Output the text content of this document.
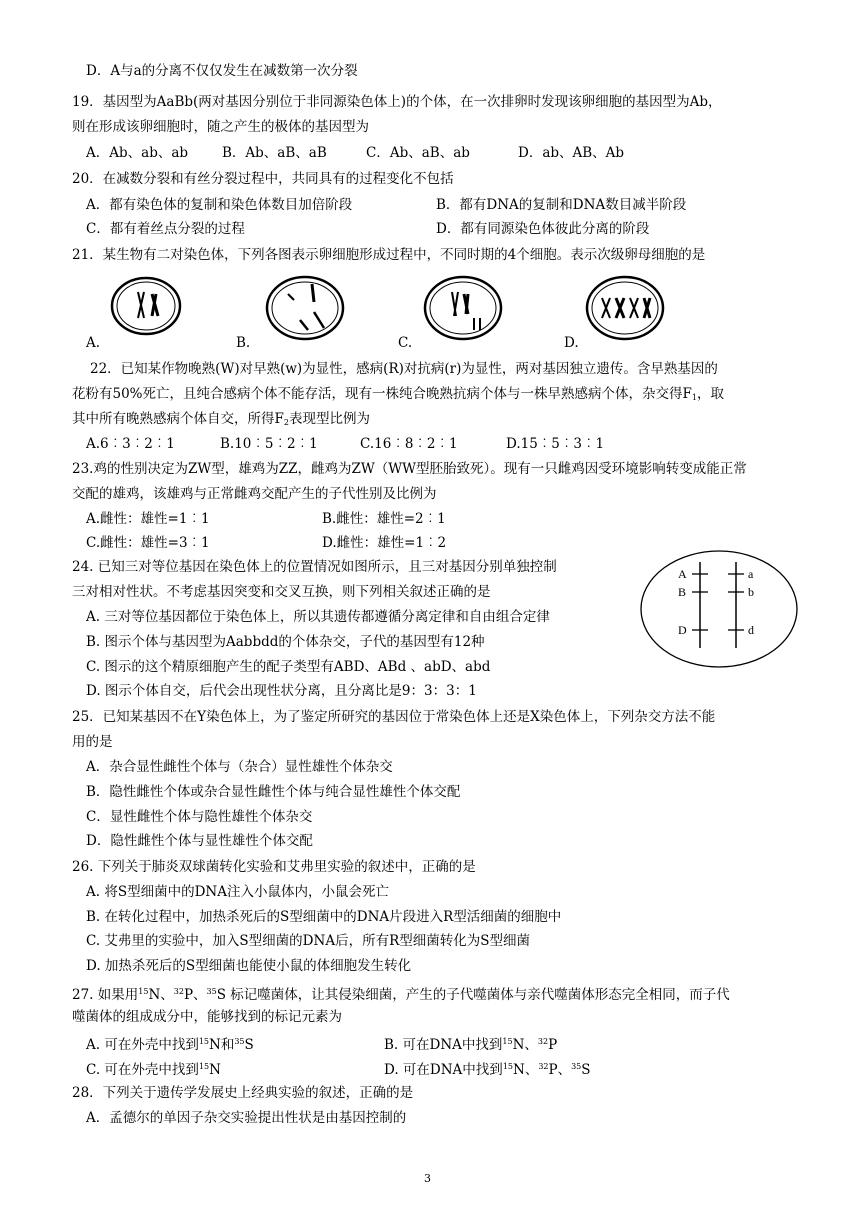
D．A与a的分离不仅仅发生在减数第一次分裂
19．基因型为AaBb(两对基因分别位于非同源染色体上)的个体，在一次排卵时发现该卵细胞的基因型为Ab，
则在形成该卵细胞时，随之产生的极体的基因型为
A．Ab、ab、ab	B．Ab、aB、aB	C．Ab、aB、ab	D．ab、AB、Ab
20．在减数分裂和有丝分裂过程中，共同具有的过程变化不包括
A．都有染色体的复制和染色体数目加倍阶段	B．都有DNA的复制和DNA数目减半阶段
C．都有着丝点分裂的过程	D．都有同源染色体彼此分离的阶段
21．某生物有二对染色体，下列各图表示卵细胞形成过程中，不同时期的4个细胞。表示次级卵母细胞的是
A.	B.	C.	D.
22．已知某作物晚熟(W)对早熟(w)为显性，感病(R)对抗病(r)为显性，两对基因独立遗传。含早熟基因的
花粉有50%死亡，且纯合感病个体不能存活，现有一株纯合晚熟抗病个体与一株早熟感病个体，杂交得$F_1$，取
其中所有晚熟感病个体自交，所得$F_2$表现型比例为
A.6︰3︰2︰1	B.10︰5︰2︰1	C.16︰8︰2︰1	D.15︰5︰3︰1
23.鸡的性别决定为ZW型，雄鸡为ZZ，雌鸡为ZW（WW型胚胎致死）。现有一只雌鸡因受环境影响转变成能正常
交配的雄鸡，该雄鸡与正常雌鸡交配产生的子代性别及比例为
A.雌性：雄性=1︰1	B.雌性：雄性=2︰1
C.雌性：雄性=3︰1	D.雌性：雄性=1︰2
24. 已知三对等位基因在染色体上的位置情况如图所示，且三对基因分别单独控制
三对相对性状。不考虑基因突变和交叉互换，则下列相关叙述正确的是
A. 三对等位基因都位于染色体上，所以其遗传都遵循分离定律和自由组合定律
B. 图示个体与基因型为Aabbdd的个体杂交，子代的基因型有12种
C. 图示的这个精原细胞产生的配子类型有ABD、ABd 、abD、abd
D. 图示个体自交，后代会出现性状分离，且分离比是9：3：3：1
A
B
D
a
b
d
25．已知某基因不在Y染色体上，为了鉴定所研究的基因位于常染色体上还是X染色体上，下列杂交方法不能
用的是
A．杂合显性雌性个体与（杂合）显性雄性个体杂交
B．隐性雌性个体或杂合显性雌性个体与纯合显性雄性个体交配
C．显性雌性个体与隐性雄性个体杂交
D．隐性雌性个体与显性雄性个体交配
26. 下列关于肺炎双球菌转化实验和艾弗里实验的叙述中，正确的是
A. 将S型细菌中的DNA注入小鼠体内，小鼠会死亡
B. 在转化过程中，加热杀死后的S型细菌中的DNA片段进入R型活细菌的细胞中
C. 艾弗里的实验中，加入S型细菌的DNA后，所有R型细菌转化为S型细菌
D. 加热杀死后的S型细菌也能使小鼠的体细胞发生转化
27. 如果用$^{15}$N、$^{32}$P、$^{35}$S 标记噬菌体，让其侵染细菌，产生的子代噬菌体与亲代噬菌体形态完全相同，而子代
噬菌体的组成成分中，能够找到的标记元素为
A. 可在外壳中找到$^{15}$N和$^{35}$S	B. 可在DNA中找到$^{15}$N、$^{32}$P
C. 可在外壳中找到$^{15}$N	D. 可在DNA中找到$^{15}$N、$^{32}$P、$^{35}$S
28．下列关于遗传学发展史上经典实验的叙述，正确的是
A．孟德尔的单因子杂交实验提出性状是由基因控制的
3
